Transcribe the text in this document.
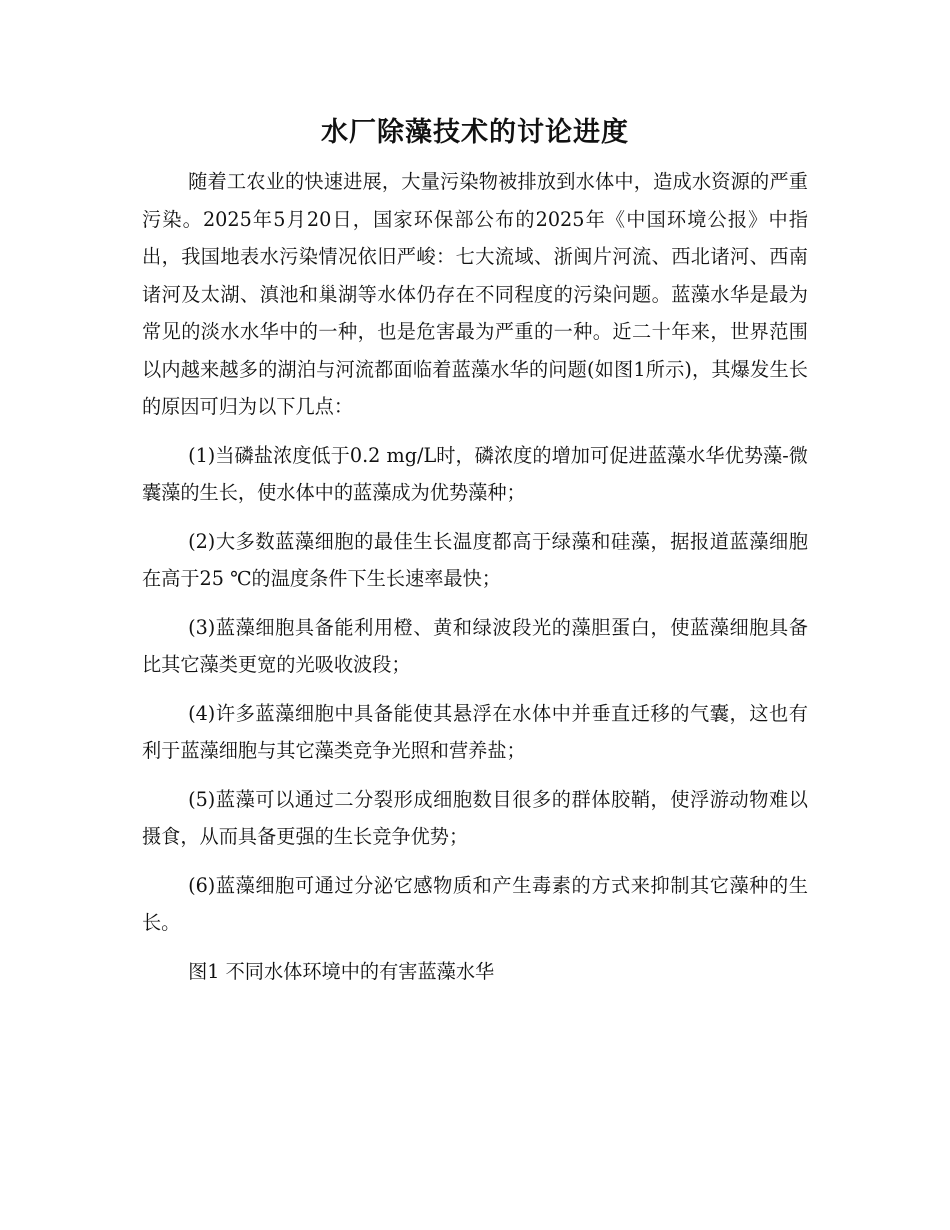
水厂除藻技术的讨论进度

随着工农业的快速进展，大量污染物被排放到水体中，造成水资源的严重污染。2025年5月20日，国家环保部公布的2025年《中国环境公报》中指出，我国地表水污染情况依旧严峻：七大流域、浙闽片河流、西北诸河、西南诸河及太湖、滇池和巢湖等水体仍存在不同程度的污染问题。蓝藻水华是最为常见的淡水水华中的一种，也是危害最为严重的一种。近二十年来，世界范围以内越来越多的湖泊与河流都面临着蓝藻水华的问题(如图1所示)，其爆发生长的原因可归为以下几点：

(1)当磷盐浓度低于0.2 mg/L时，磷浓度的增加可促进蓝藻水华优势藻-微囊藻的生长，使水体中的蓝藻成为优势藻种；

(2)大多数蓝藻细胞的最佳生长温度都高于绿藻和硅藻，据报道蓝藻细胞在高于25 ℃的温度条件下生长速率最快；

(3)蓝藻细胞具备能利用橙、黄和绿波段光的藻胆蛋白，使蓝藻细胞具备比其它藻类更宽的光吸收波段；

(4)许多蓝藻细胞中具备能使其悬浮在水体中并垂直迁移的气囊，这也有利于蓝藻细胞与其它藻类竞争光照和营养盐；

(5)蓝藻可以通过二分裂形成细胞数目很多的群体胶鞘，使浮游动物难以摄食，从而具备更强的生长竞争优势；

(6)蓝藻细胞可通过分泌它感物质和产生毒素的方式来抑制其它藻种的生长。

图1 不同水体环境中的有害蓝藻水华
